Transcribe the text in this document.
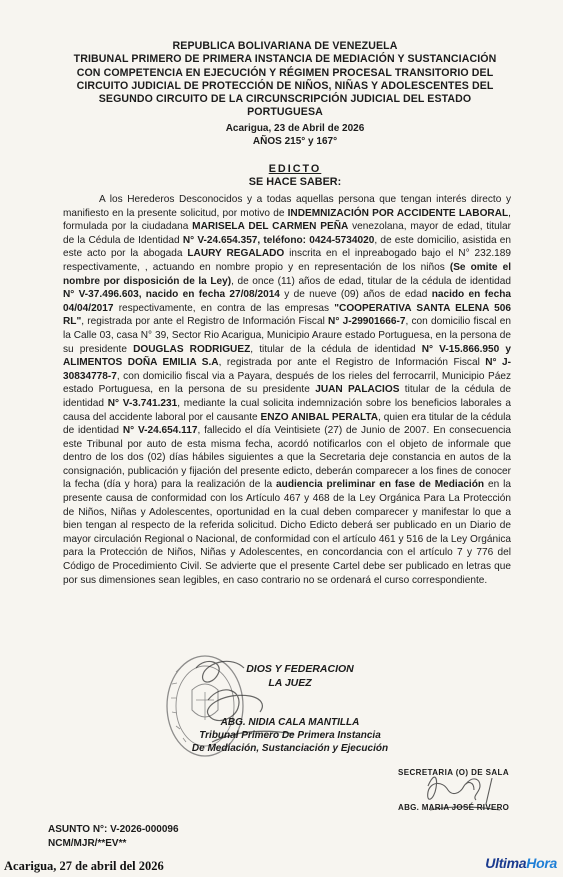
REPUBLICA BOLIVARIANA DE VENEZUELA
TRIBUNAL PRIMERO DE PRIMERA INSTANCIA DE MEDIACIÓN Y SUSTANCIACIÓN
CON COMPETENCIA EN EJECUCIÓN Y RÉGIMEN PROCESAL TRANSITORIO DEL
CIRCUITO JUDICIAL DE PROTECCIÓN DE NIÑOS, NIÑAS Y ADOLESCENTES DEL
SEGUNDO CIRCUITO DE LA CIRCUNSCRIPCIÓN JUDICIAL DEL ESTADO
PORTUGUESA
Acarigua, 23 de Abril de 2026
AÑOS 215° y 167°
EDICTO
SE HACE SABER:
A los Herederos Desconocidos y a todas aquellas persona que tengan interés directo y manifiesto en la presente solicitud, por motivo de INDEMNIZACIÓN POR ACCIDENTE LABORAL, formulada por la ciudadana MARISELA DEL CARMEN PEÑA venezolana, mayor de edad, titular de la Cédula de Identidad N° V-24.654.357, teléfono: 0424-5734020, de este domicilio, asistida en este acto por la abogada LAURY REGALADO inscrita en el inpreabogado bajo el N° 232.189 respectivamente, , actuando en nombre propio y en representación de los niños (Se omite el nombre por disposición de la Ley), de once (11) años de edad, titular de la cédula de identidad N° V-37.496.603, nacido en fecha 27/08/2014 y de nueve (09) años de edad nacido en fecha 04/04/2017 respectivamente, en contra de las empresas "COOPERATIVA SANTA ELENA 506 RL", registrada por ante el Registro de Información Fiscal N° J-29901666-7, con domicilio fiscal en la Calle 03, casa N° 39, Sector Rio Acarigua, Municipio Araure estado Portuguesa, en la persona de su presidente DOUGLAS RODRIGUEZ, titular de la cédula de identidad N° V-15.866.950 y ALIMENTOS DOÑA EMILIA S.A, registrada por ante el Registro de Información Fiscal N° J-30834778-7, con domicilio fiscal via a Payara, después de los rieles del ferrocarril, Municipio Páez estado Portuguesa, en la persona de su presidente JUAN PALACIOS titular de la cédula de identidad N° V-3.741.231, mediante la cual solicita indemnización sobre los beneficios laborales a causa del accidente laboral por el causante ENZO ANIBAL PERALTA, quien era titular de la cédula de identidad N° V-24.654.117, fallecido el día Veintisiete (27) de Junio de 2007. En consecuencia este Tribunal por auto de esta misma fecha, acordó notificarlos con el objeto de informale que dentro de los dos (02) días hábiles siguientes a que la Secretaria deje constancia en autos de la consignación, publicación y fijación del presente edicto, deberán comparecer a los fines de conocer la fecha (día y hora) para la realización de la audiencia preliminar en fase de Mediación en la presente causa de conformidad con los Artículo 467 y 468 de la Ley Orgánica Para La Protección de Niños, Niñas y Adolescentes, oportunidad en la cual deben comparecer y manifestar lo que a bien tengan al respecto de la referida solicitud. Dicho Edicto deberá ser publicado en un Diario de mayor circulación Regional o Nacional, de conformidad con el artículo 461 y 516 de la Ley Orgánica para la Protección de Niños, Niñas y Adolescentes, en concordancia con el artículo 7 y 776 del Código de Procedimiento Civil. Se advierte que el presente Cartel debe ser publicado en letras que por sus dimensiones sean legibles, en caso contrario no se ordenará el curso correspondiente.
DIOS Y FEDERACION
LA JUEZ
ABG. NIDIA CALA MANTILLA
Tribunal Primero De Primera Instancia
De Mediación, Sustanciación y Ejecución
SECRETARIA (O) DE SALA
ABG. MARIA JOSÉ RIVERO
ASUNTO N°: V-2026-000096
NCM/MJR/**EV**
Acarigua, 27 de abril del 2026	UltimaHora
